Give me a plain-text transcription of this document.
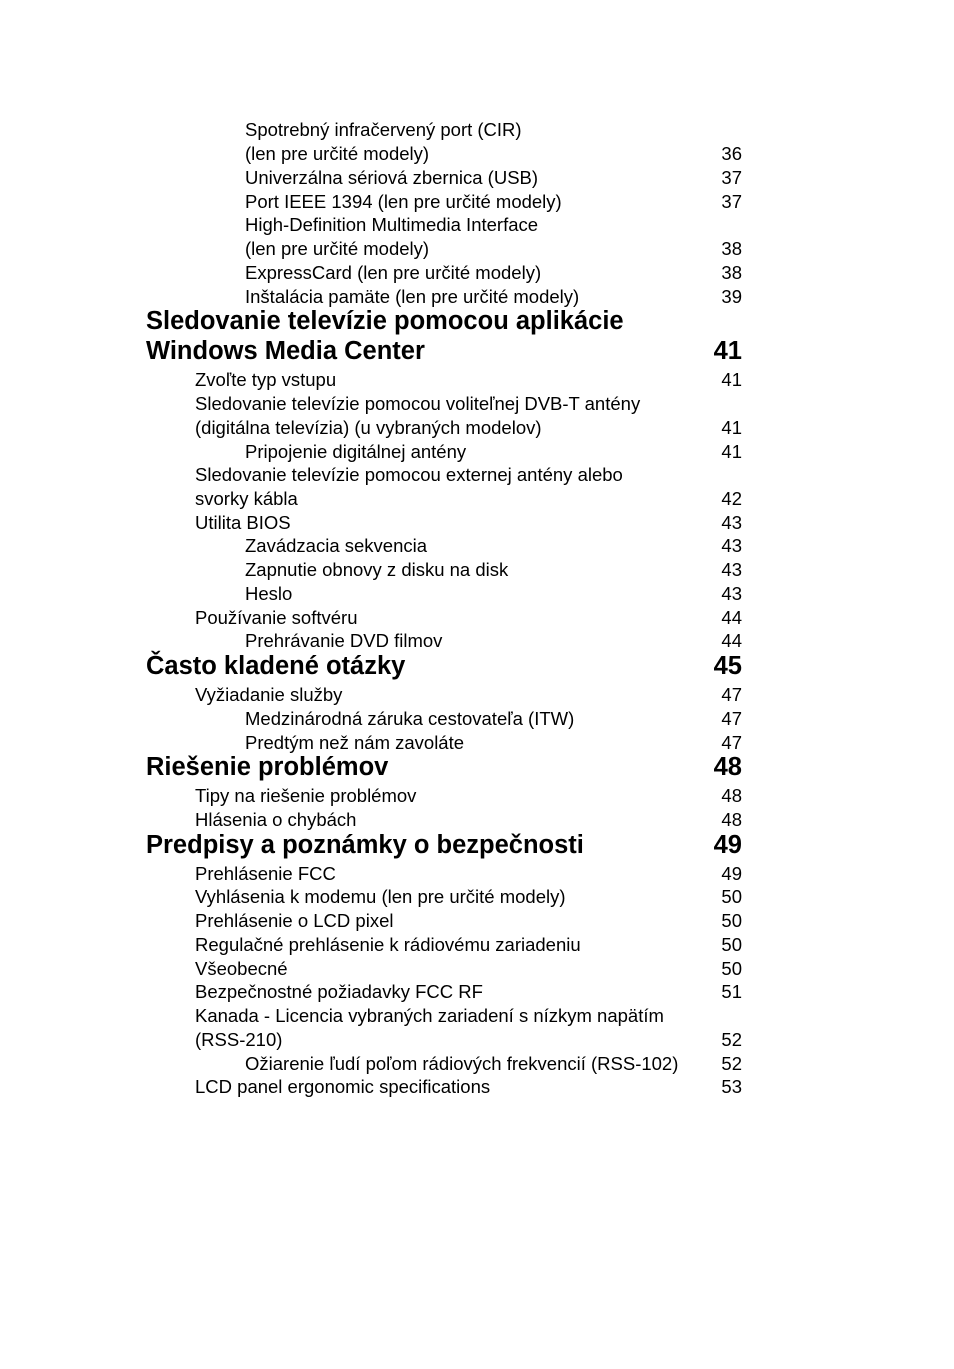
Spotrebný infračervený port (CIR)
(len pre určité modely)	36
Univerzálna sériová zbernica (USB)	37
Port IEEE 1394 (len pre určité modely)	37
High-Definition Multimedia Interface
(len pre určité modely)	38
ExpressCard (len pre určité modely)	38
Inštalácia pamäte (len pre určité modely)	39
Sledovanie televízie pomocou aplikácie
Windows Media Center	41
Zvoľte typ vstupu	41
Sledovanie televízie pomocou voliteľnej DVB-T antény
(digitálna televízia) (u vybraných modelov)	41
Pripojenie digitálnej antény	41
Sledovanie televízie pomocou externej antény alebo
svorky kábla	42
Utilita BIOS	43
Zavádzacia sekvencia	43
Zapnutie obnovy z disku na disk	43
Heslo	43
Používanie softvéru	44
Prehrávanie DVD filmov	44
Často kladené otázky	45
Vyžiadanie služby	47
Medzinárodná záruka cestovateľa (ITW)	47
Predtým než nám zavoláte	47
Riešenie problémov	48
Tipy na riešenie problémov	48
Hlásenia o chybách	48
Predpisy a poznámky o bezpečnosti	49
Prehlásenie FCC	49
Vyhlásenia k modemu (len pre určité modely)	50
Prehlásenie o LCD pixel	50
Regulačné prehlásenie k rádiovému zariadeniu	50
Všeobecné	50
Bezpečnostné požiadavky FCC RF	51
Kanada - Licencia vybraných zariadení s nízkym napätím
(RSS-210)	52
Ožiarenie ľudí poľom rádiových frekvencií (RSS-102) 52
LCD panel ergonomic specifications	53
